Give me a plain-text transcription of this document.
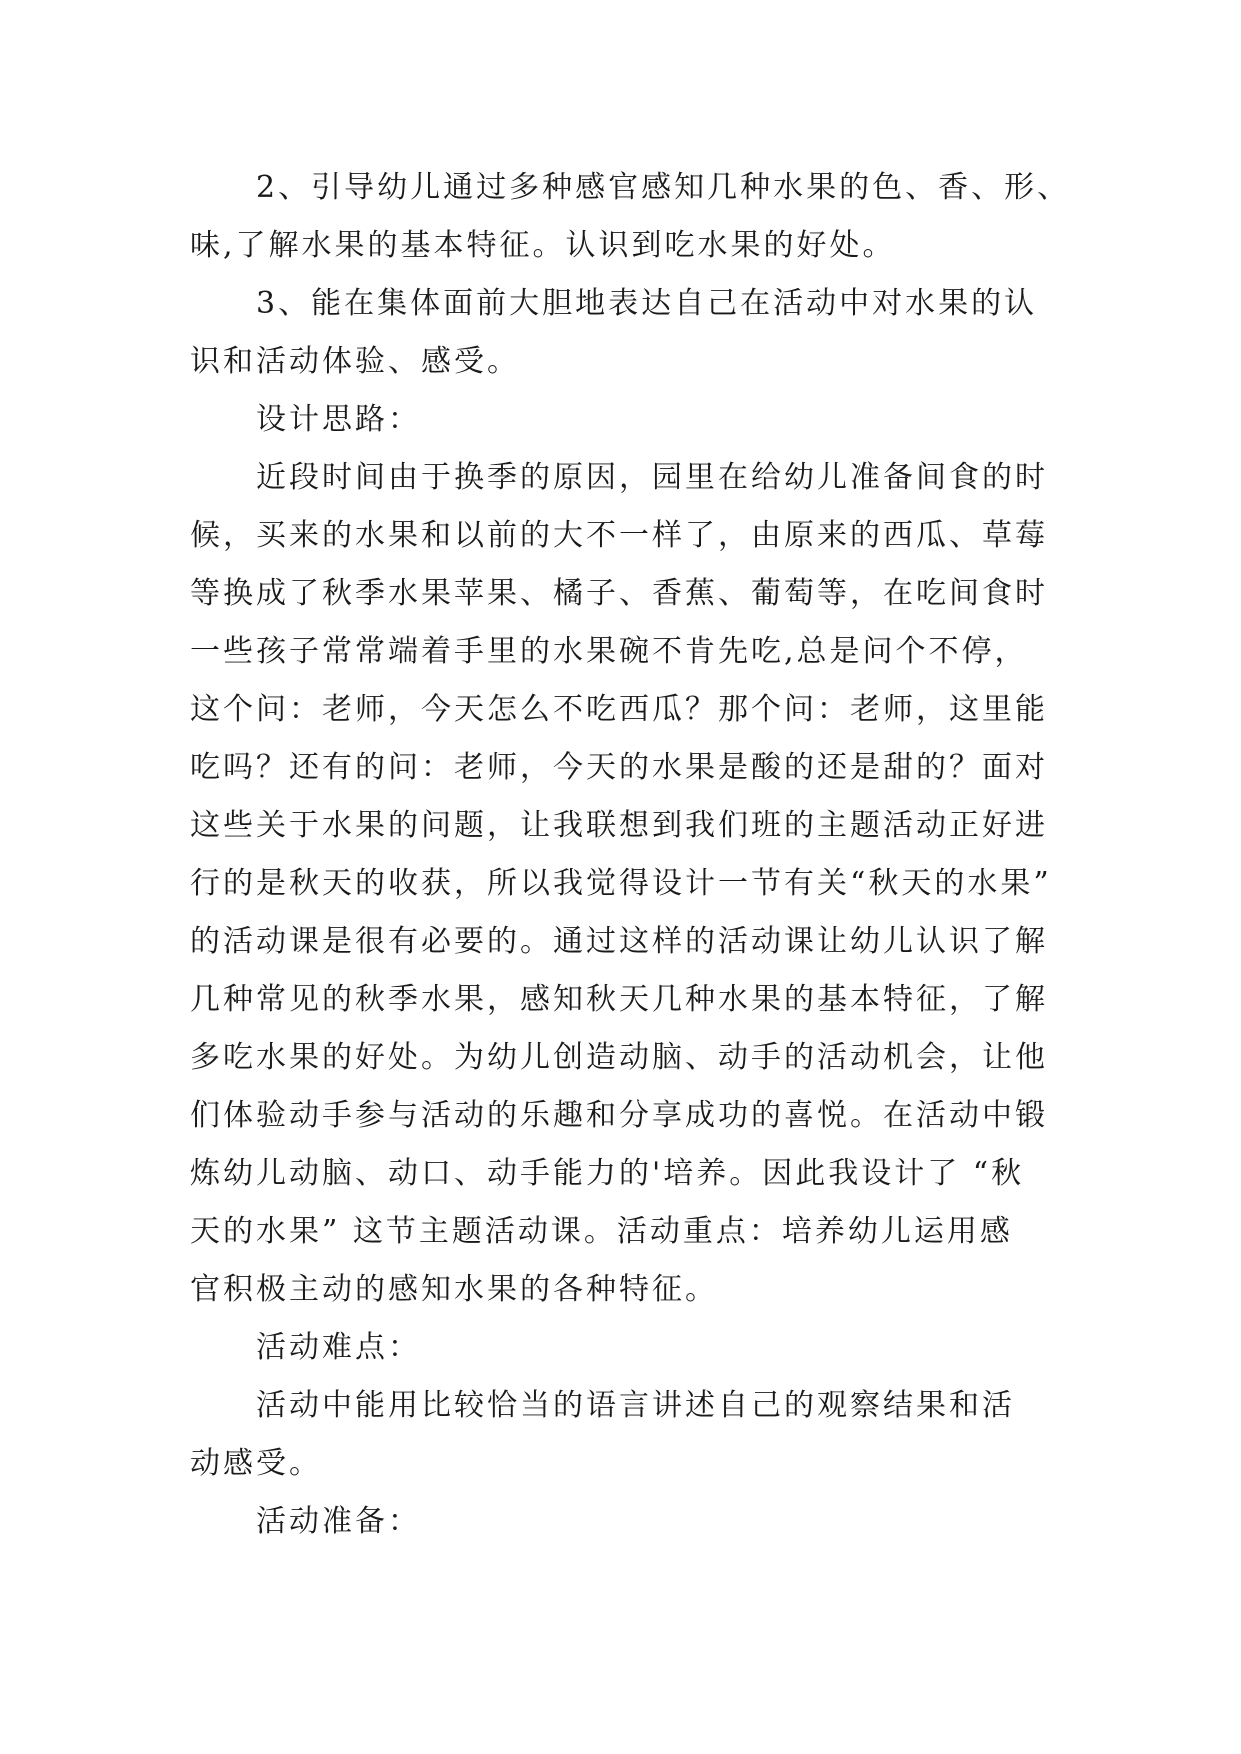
2、引导幼儿通过多种感官感知几种水果的色、香、形、
味,了解水果的基本特征。认识到吃水果的好处。
3、能在集体面前大胆地表达自己在活动中对水果的认
识和活动体验、感受。
设计思路：
近段时间由于换季的原因，园里在给幼儿准备间食的时
候，买来的水果和以前的大不一样了，由原来的西瓜、草莓
等换成了秋季水果苹果、橘子、香蕉、葡萄等，在吃间食时
一些孩子常常端着手里的水果碗不肯先吃,总是问个不停，
这个问：老师，今天怎么不吃西瓜？那个问：老师，这里能
吃吗？还有的问：老师，今天的水果是酸的还是甜的？面对
这些关于水果的问题，让我联想到我们班的主题活动正好进
行的是秋天的收获，所以我觉得设计一节有关“秋天的水果”
的活动课是很有必要的。通过这样的活动课让幼儿认识了解
几种常见的秋季水果，感知秋天几种水果的基本特征，了解
多吃水果的好处。为幼儿创造动脑、动手的活动机会，让他
们体验动手参与活动的乐趣和分享成功的喜悦。在活动中锻
炼幼儿动脑、动口、动手能力的'培养。因此我设计了 “秋
天的水果” 这节主题活动课。活动重点：培养幼儿运用感
官积极主动的感知水果的各种特征。
活动难点：
活动中能用比较恰当的语言讲述自己的观察结果和活
动感受。
活动准备：
